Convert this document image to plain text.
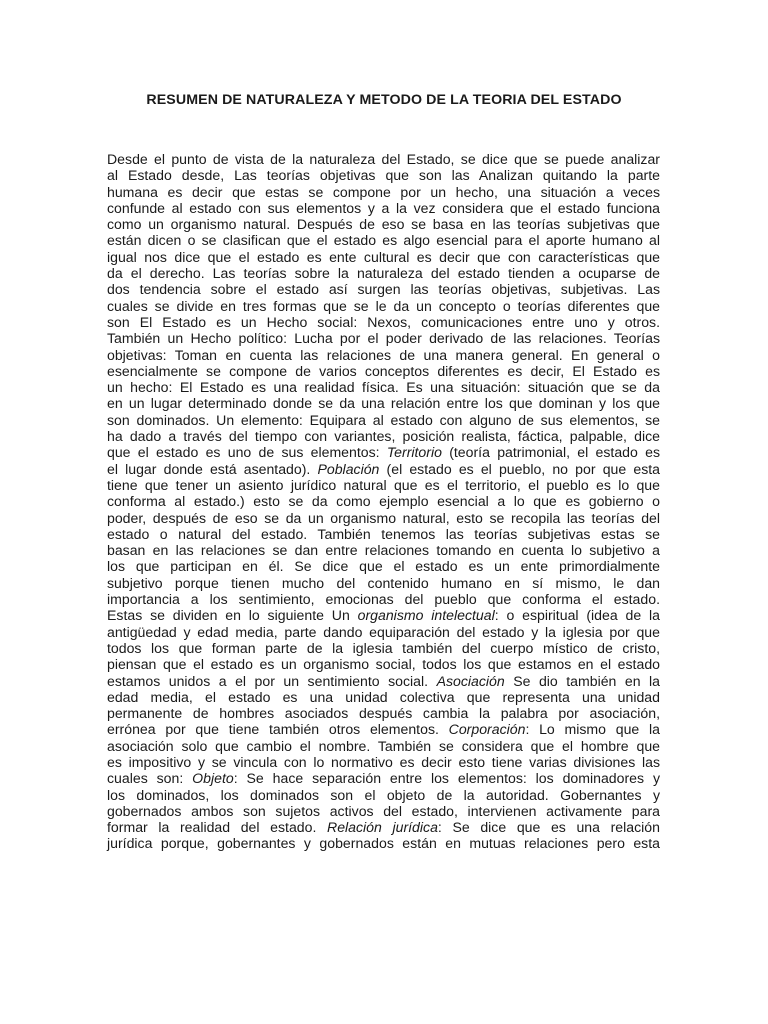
RESUMEN DE NATURALEZA Y METODO DE LA TEORIA DEL ESTADO
Desde el punto de vista de la naturaleza del Estado, se dice que se puede analizar
al Estado desde, Las teorías objetivas que son las Analizan quitando la parte
humana es decir que estas se compone por un hecho, una situación a veces
confunde al estado con sus elementos y a la vez considera que el estado funciona
como un organismo natural. Después de eso se basa en las teorías subjetivas que
están dicen o se clasifican que el estado es algo esencial para el aporte humano al
igual nos dice que el estado es ente cultural es decir que con características que
da el derecho. Las teorías sobre la naturaleza del estado tienden a ocuparse de
dos tendencia sobre el estado así surgen las teorías objetivas, subjetivas. Las
cuales se divide en tres formas que se le da un concepto o teorías diferentes que
son El Estado es un Hecho social: Nexos, comunicaciones entre uno y otros.
También un Hecho político: Lucha por el poder derivado de las relaciones. Teorías
objetivas: Toman en cuenta las relaciones de una manera general. En general o
esencialmente se compone de varios conceptos diferentes es decir, El Estado es
un hecho: El Estado es una realidad física. Es una situación: situación que se da
en un lugar determinado donde se da una relación entre los que dominan y los que
son dominados. Un elemento: Equipara al estado con alguno de sus elementos, se
ha dado a través del tiempo con variantes, posición realista, fáctica, palpable, dice
que el estado es uno de sus elementos: Territorio (teoría patrimonial, el estado es
el lugar donde está asentado). Población (el estado es el pueblo, no por que esta
tiene que tener un asiento jurídico natural que es el territorio, el pueblo es lo que
conforma al estado.) esto se da como ejemplo esencial a lo que es gobierno o
poder, después de eso se da un organismo natural, esto se recopila las teorías del
estado o natural del estado. También tenemos las teorías subjetivas estas se
basan en las relaciones se dan entre relaciones tomando en cuenta lo subjetivo a
los que participan en él. Se dice que el estado es un ente primordialmente
subjetivo porque tienen mucho del contenido humano en sí mismo, le dan
importancia a los sentimiento, emocionas del pueblo que conforma el estado.
Estas se dividen en lo siguiente Un organismo intelectual: o espiritual (idea de la
antigüedad y edad media, parte dando equiparación del estado y la iglesia por que
todos los que forman parte de la iglesia también del cuerpo místico de cristo,
piensan que el estado es un organismo social, todos los que estamos en el estado
estamos unidos a el por un sentimiento social. Asociación Se dio también en la
edad media, el estado es una unidad colectiva que representa una unidad
permanente de hombres asociados después cambia la palabra por asociación,
errónea por que tiene también otros elementos. Corporación: Lo mismo que la
asociación solo que cambio el nombre. También se considera que el hombre que
es impositivo y se vincula con lo normativo es decir esto tiene varias divisiones las
cuales son: Objeto: Se hace separación entre los elementos: los dominadores y
los dominados, los dominados son el objeto de la autoridad. Gobernantes y
gobernados ambos son sujetos activos del estado, intervienen activamente para
formar la realidad del estado. Relación jurídica: Se dice que es una relación
jurídica porque, gobernantes y gobernados están en mutuas relaciones pero esta
